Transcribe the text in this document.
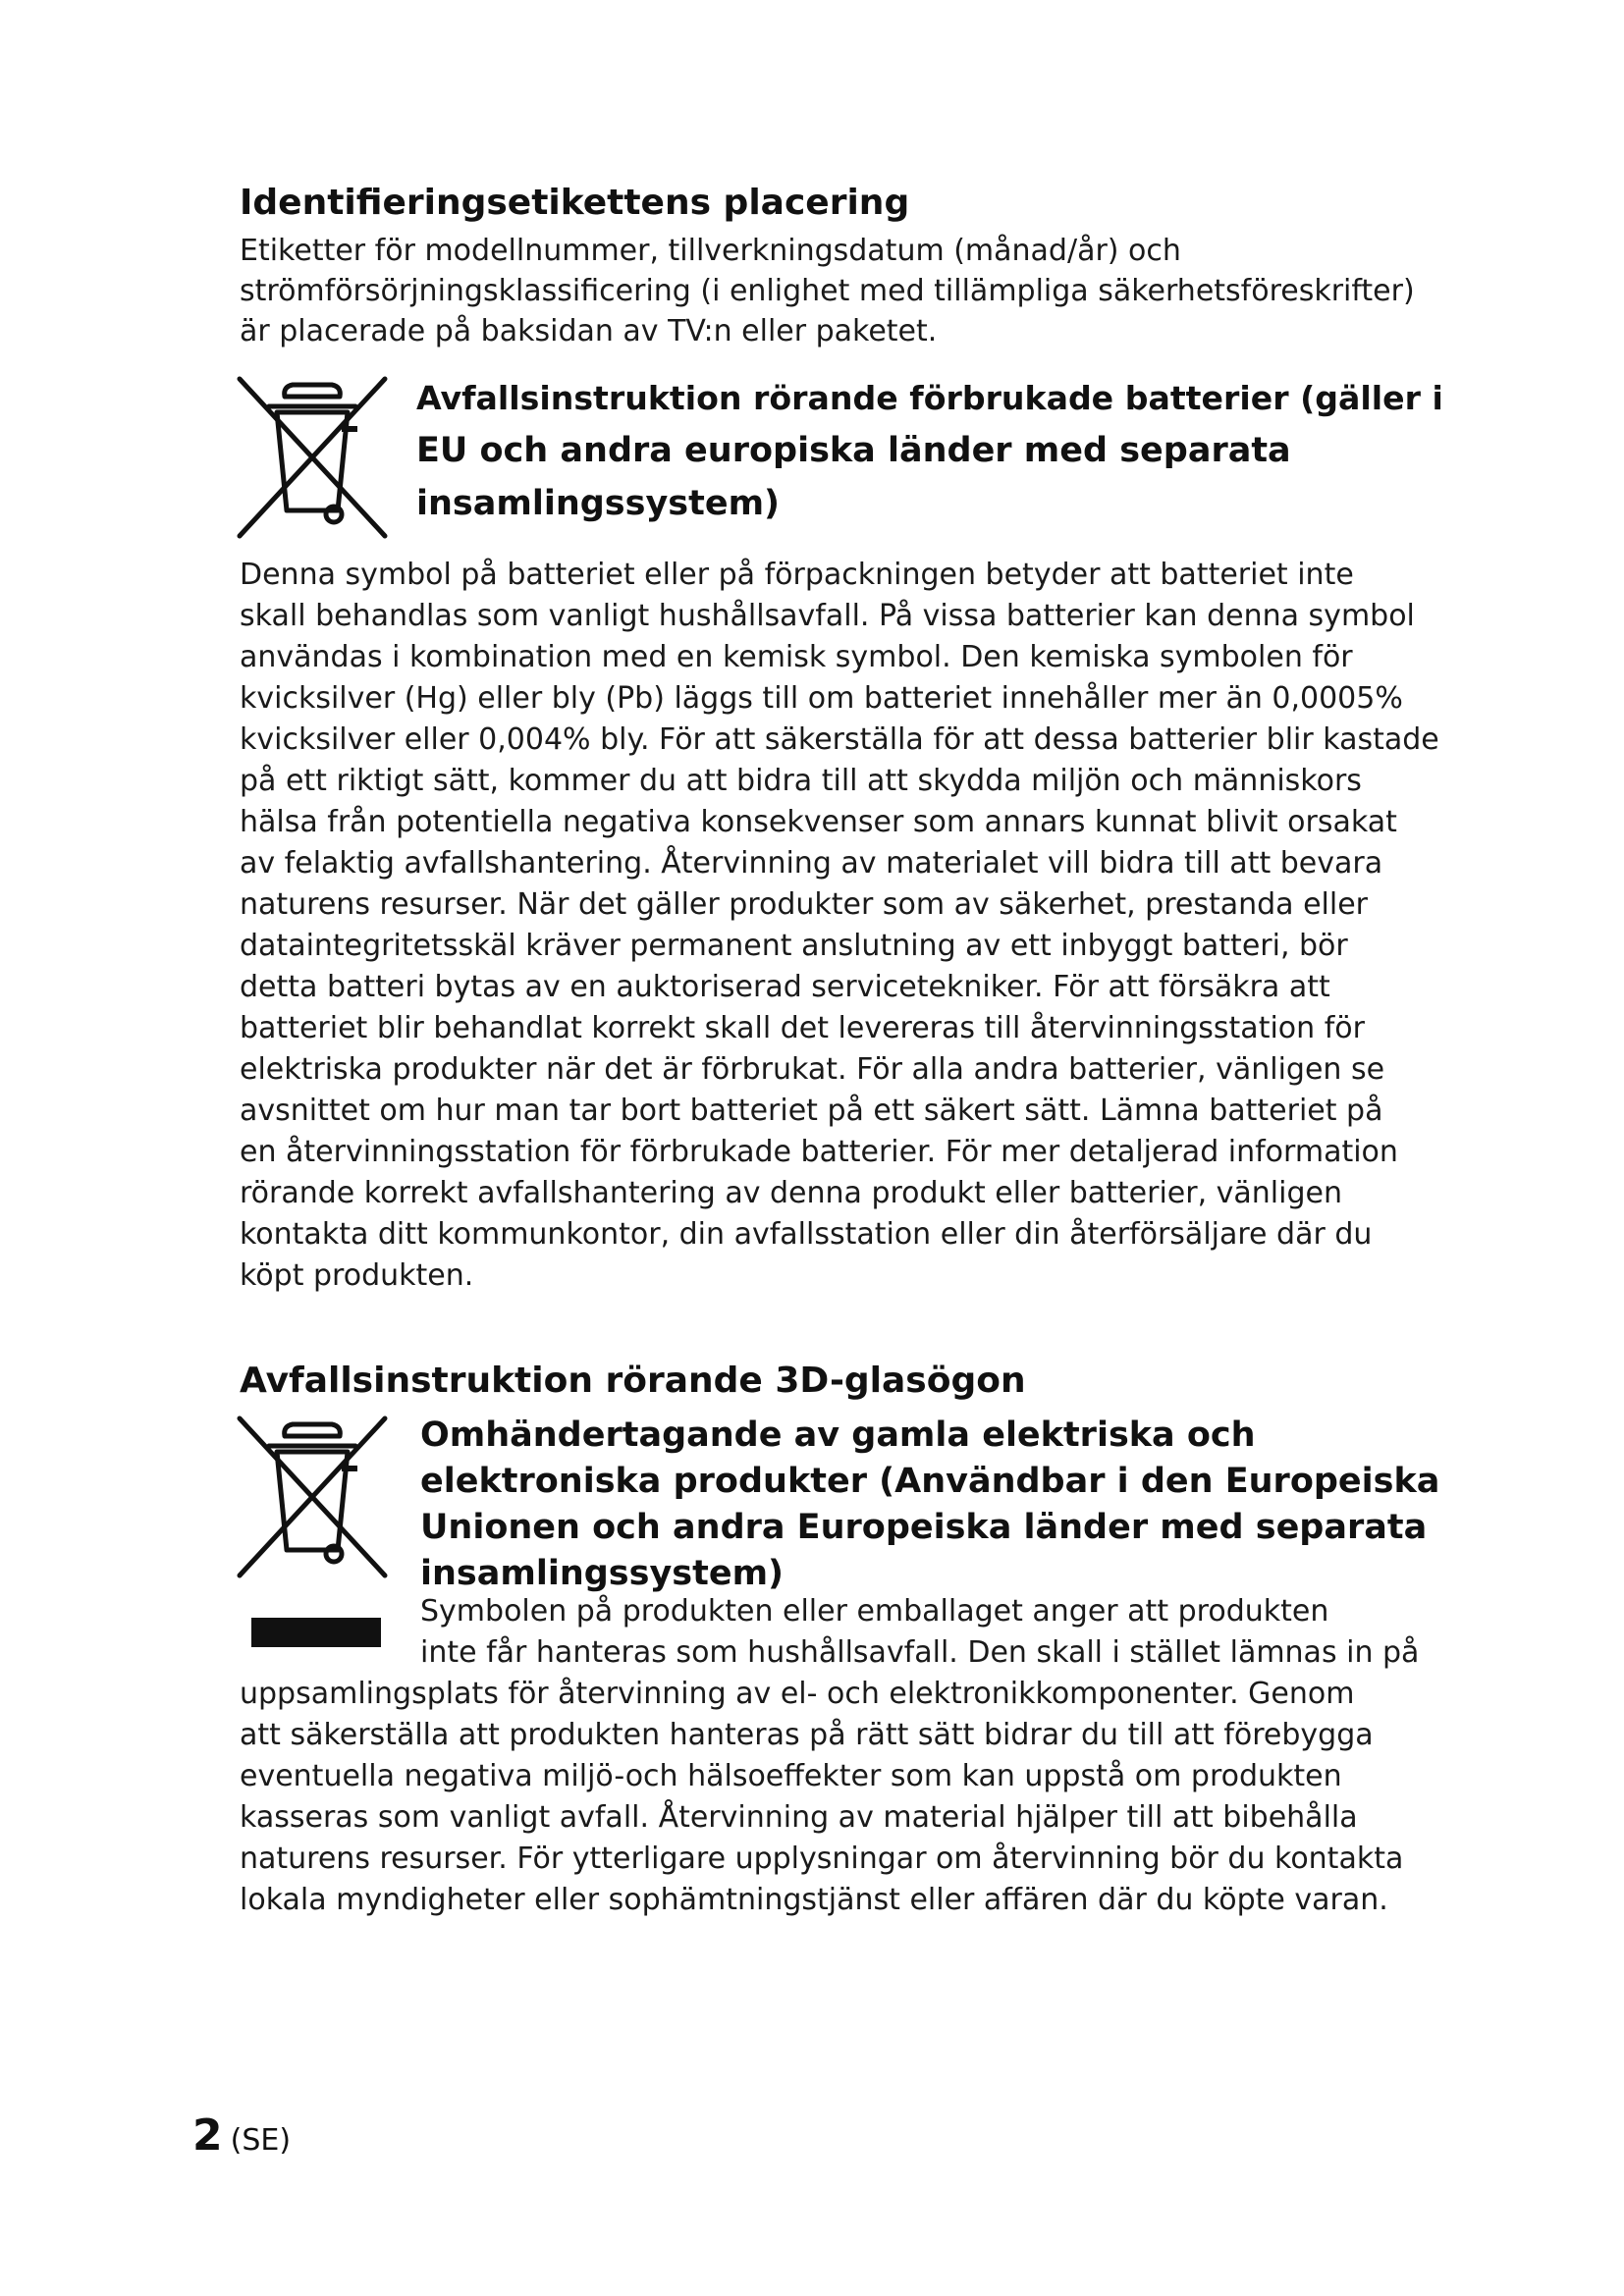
Identifieringsetikettens placering

Etiketter för modellnummer, tillverkningsdatum (månad/år) och

strömförsörjningsklassificering (i enlighet med tillämpliga säkerhetsföreskrifter)

är placerade på baksidan av TV:n eller paketet.

Avfallsinstruktion rörande förbrukade batterier (gäller i
EU och andra europiska länder med separata
insamlingssystem)

Denna symbol på batteriet eller på förpackningen betyder att batteriet inte

skall behandlas som vanligt hushållsavfall. På vissa batterier kan denna symbol

användas i kombination med en kemisk symbol. Den kemiska symbolen för

kvicksilver (Hg) eller bly (Pb) läggs till om batteriet innehåller mer än 0,0005%

kvicksilver eller 0,004% bly. För att säkerställa för att dessa batterier blir kastade

på ett riktigt sätt, kommer du att bidra till att skydda miljön och människors

hälsa från potentiella negativa konsekvenser som annars kunnat blivit orsakat

av felaktig avfallshantering. Återvinning av materialet vill bidra till att bevara

naturens resurser. När det gäller produkter som av säkerhet, prestanda eller

dataintegritetsskäl kräver permanent anslutning av ett inbyggt batteri, bör

detta batteri bytas av en auktoriserad servicetekniker. För att försäkra att

batteriet blir behandlat korrekt skall det levereras till återvinningsstation för

elektriska produkter när det är förbrukat. För alla andra batterier, vänligen se

avsnittet om hur man tar bort batteriet på ett säkert sätt. Lämna batteriet på

en återvinningsstation för förbrukade batterier. För mer detaljerad information

rörande korrekt avfallshantering av denna produkt eller batterier, vänligen

kontakta ditt kommunkontor, din avfallsstation eller din återförsäljare där du

köpt produkten.

Avfallsinstruktion rörande 3D-glasögon
Omhändertagande av gamla elektriska och
elektroniska produkter (Användbar i den Europeiska
Unionen och andra Europeiska länder med separata
insamlingssystem)

Symbolen på produkten eller emballaget anger att produkten

inte får hanteras som hushållsavfall. Den skall i stället lämnas in på

uppsamlingsplats för återvinning av el- och elektronikkomponenter. Genom

att säkerställa att produkten hanteras på rätt sätt bidrar du till att förebygga

eventuella negativa miljö-och hälsoeffekter som kan uppstå om produkten

kasseras som vanligt avfall. Återvinning av material hjälper till att bibehålla

naturens resurser. För ytterligare upplysningar om återvinning bör du kontakta

lokala myndigheter eller sophämtningstjänst eller affären där du köpte varan.

2 (SE)
